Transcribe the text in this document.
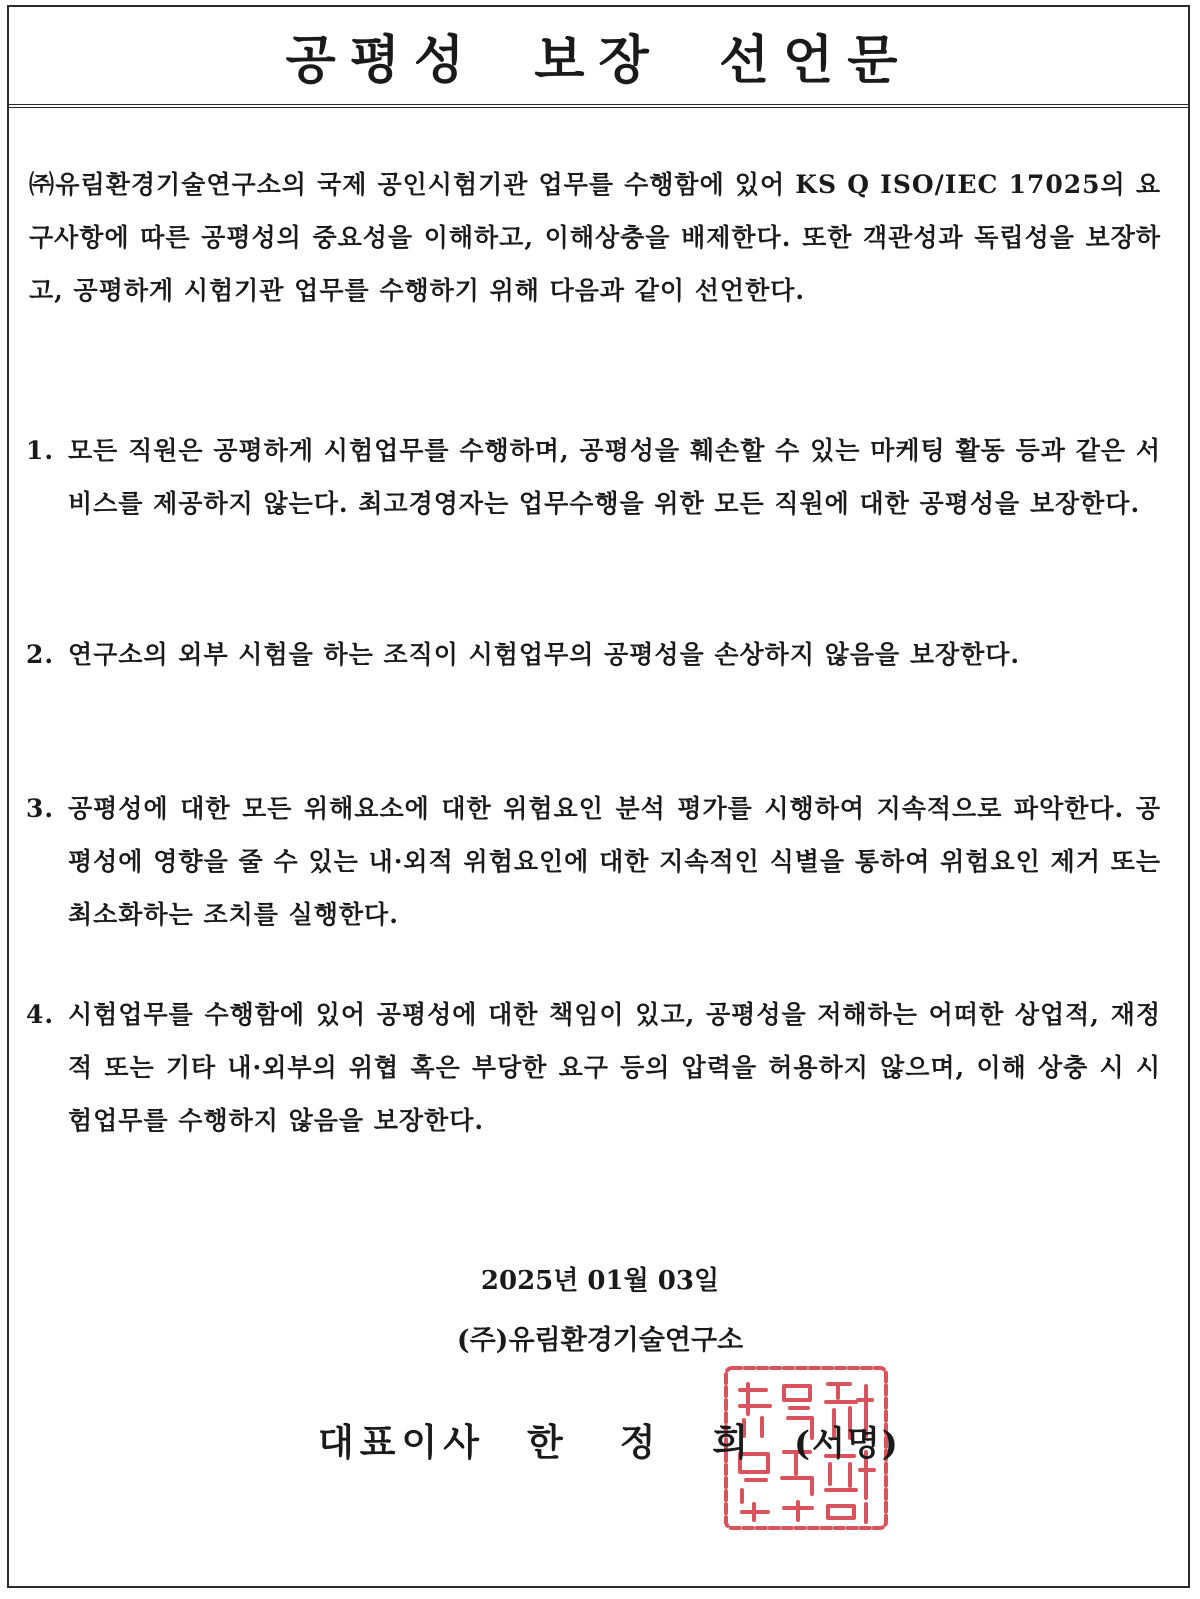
공평성 보장 선언문

㈜유림환경기술연구소의 국제 공인시험기관 업무를 수행함에 있어 KS Q ISO/IEC 17025의 요구사항에 따른 공평성의 중요성을 이해하고, 이해상충을 배제한다. 또한 객관성과 독립성을 보장하고, 공평하게 시험기관 업무를 수행하기 위해 다음과 같이 선언한다.

1. 모든 직원은 공평하게 시험업무를 수행하며, 공평성을 훼손할 수 있는 마케팅 활동 등과 같은 서비스를 제공하지 않는다. 최고경영자는 업무수행을 위한 모든 직원에 대한 공평성을 보장한다.

2. 연구소의 외부 시험을 하는 조직이 시험업무의 공평성을 손상하지 않음을 보장한다.

3. 공평성에 대한 모든 위해요소에 대한 위험요인 분석 평가를 시행하여 지속적으로 파악한다. 공평성에 영향을 줄 수 있는 내·외적 위험요인에 대한 지속적인 식별을 통하여 위험요인 제거 또는 최소화하는 조치를 실행한다.

4. 시험업무를 수행함에 있어 공평성에 대한 책임이 있고, 공평성을 저해하는 어떠한 상업적, 재정적 또는 기타 내·외부의 위협 혹은 부당한 요구 등의 압력을 허용하지 않으며, 이해 상충 시 시험업무를 수행하지 않음을 보장한다.

2025년 01월 03일

(주)유림환경기술연구소

대표이사 한 정 희 (서명)
